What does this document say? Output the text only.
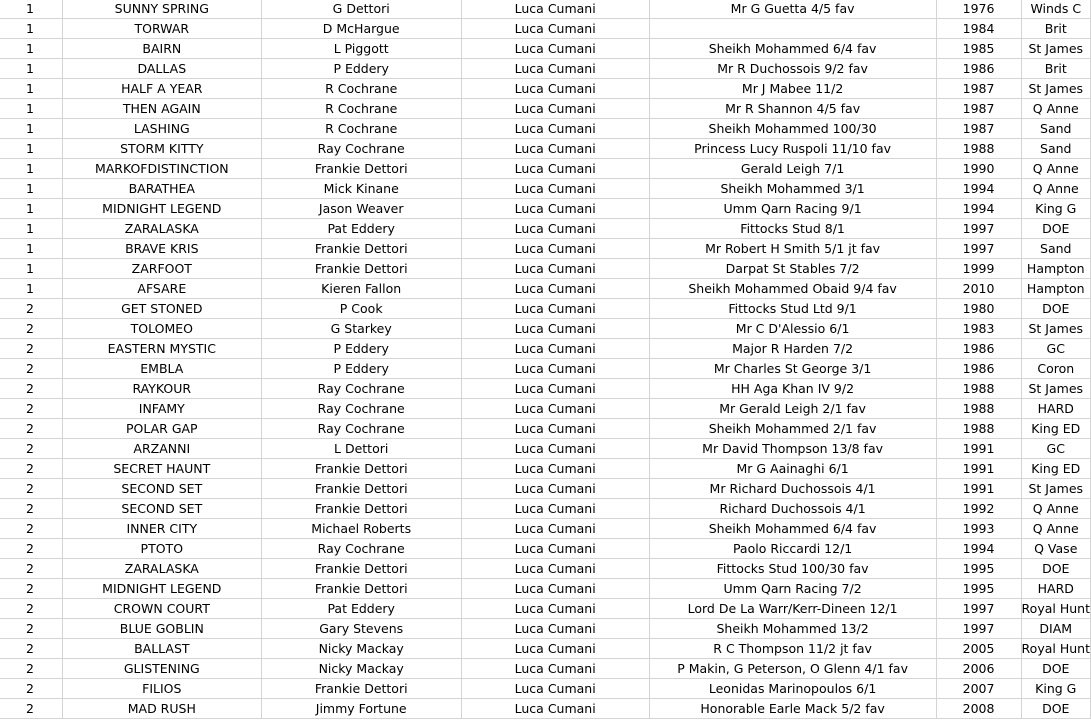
1	SUNNY SPRING	G Dettori	Luca Cumani	Mr G Guetta 4/5 fav	1976	Winds C
1	TORWAR	D McHargue	Luca Cumani		1984	Brit
1	BAIRN	L Piggott	Luca Cumani	Sheikh Mohammed 6/4 fav	1985	St James
1	DALLAS	P Eddery	Luca Cumani	Mr R Duchossois 9/2 fav	1986	Brit
1	HALF A YEAR	R Cochrane	Luca Cumani	Mr J Mabee 11/2	1987	St James
1	THEN AGAIN	R Cochrane	Luca Cumani	Mr R Shannon 4/5 fav	1987	Q Anne
1	LASHING	R Cochrane	Luca Cumani	Sheikh Mohammed 100/30	1987	Sand
1	STORM KITTY	Ray Cochrane	Luca Cumani	Princess Lucy Ruspoli 11/10 fav	1988	Sand
1	MARKOFDISTINCTION	Frankie Dettori	Luca Cumani	Gerald Leigh 7/1	1990	Q Anne
1	BARATHEA	Mick Kinane	Luca Cumani	Sheikh Mohammed 3/1	1994	Q Anne
1	MIDNIGHT LEGEND	Jason Weaver	Luca Cumani	Umm Qarn Racing 9/1	1994	King G
1	ZARALASKA	Pat Eddery	Luca Cumani	Fittocks Stud 8/1	1997	DOE
1	BRAVE KRIS	Frankie Dettori	Luca Cumani	Mr Robert H Smith 5/1 jt fav	1997	Sand
1	ZARFOOT	Frankie Dettori	Luca Cumani	Darpat St Stables 7/2	1999	Hampton
1	AFSARE	Kieren Fallon	Luca Cumani	Sheikh Mohammed Obaid 9/4 fav	2010	Hampton
2	GET STONED	P Cook	Luca Cumani	Fittocks Stud Ltd 9/1	1980	DOE
2	TOLOMEO	G Starkey	Luca Cumani	Mr C D'Alessio 6/1	1983	St James
2	EASTERN MYSTIC	P Eddery	Luca Cumani	Major R Harden 7/2	1986	GC
2	EMBLA	P Eddery	Luca Cumani	Mr Charles St George 3/1	1986	Coron
2	RAYKOUR	Ray Cochrane	Luca Cumani	HH Aga Khan IV 9/2	1988	St James
2	INFAMY	Ray Cochrane	Luca Cumani	Mr Gerald Leigh 2/1 fav	1988	HARD
2	POLAR GAP	Ray Cochrane	Luca Cumani	Sheikh Mohammed 2/1 fav	1988	King ED
2	ARZANNI	L Dettori	Luca Cumani	Mr David Thompson 13/8 fav	1991	GC
2	SECRET HAUNT	Frankie Dettori	Luca Cumani	Mr G Aainaghi 6/1	1991	King ED
2	SECOND SET	Frankie Dettori	Luca Cumani	Mr Richard Duchossois 4/1	1991	St James
2	SECOND SET	Frankie Dettori	Luca Cumani	Richard Duchossois 4/1	1992	Q Anne
2	INNER CITY	Michael Roberts	Luca Cumani	Sheikh Mohammed 6/4 fav	1993	Q Anne
2	PTOTO	Ray Cochrane	Luca Cumani	Paolo Riccardi 12/1	1994	Q Vase
2	ZARALASKA	Frankie Dettori	Luca Cumani	Fittocks Stud 100/30 fav	1995	DOE
2	MIDNIGHT LEGEND	Frankie Dettori	Luca Cumani	Umm Qarn Racing 7/2	1995	HARD
2	CROWN COURT	Pat Eddery	Luca Cumani	Lord De La Warr/Kerr-Dineen 12/1	1997	Royal Hunt
2	BLUE GOBLIN	Gary Stevens	Luca Cumani	Sheikh Mohammed 13/2	1997	DIAM
2	BALLAST	Nicky Mackay	Luca Cumani	R C Thompson 11/2 jt fav	2005	Royal Hunt
2	GLISTENING	Nicky Mackay	Luca Cumani	P Makin, G Peterson, O Glenn 4/1 fav	2006	DOE
2	FILIOS	Frankie Dettori	Luca Cumani	Leonidas Marinopoulos 6/1	2007	King G
2	MAD RUSH	Jimmy Fortune	Luca Cumani	Honorable Earle Mack 5/2 fav	2008	DOE
